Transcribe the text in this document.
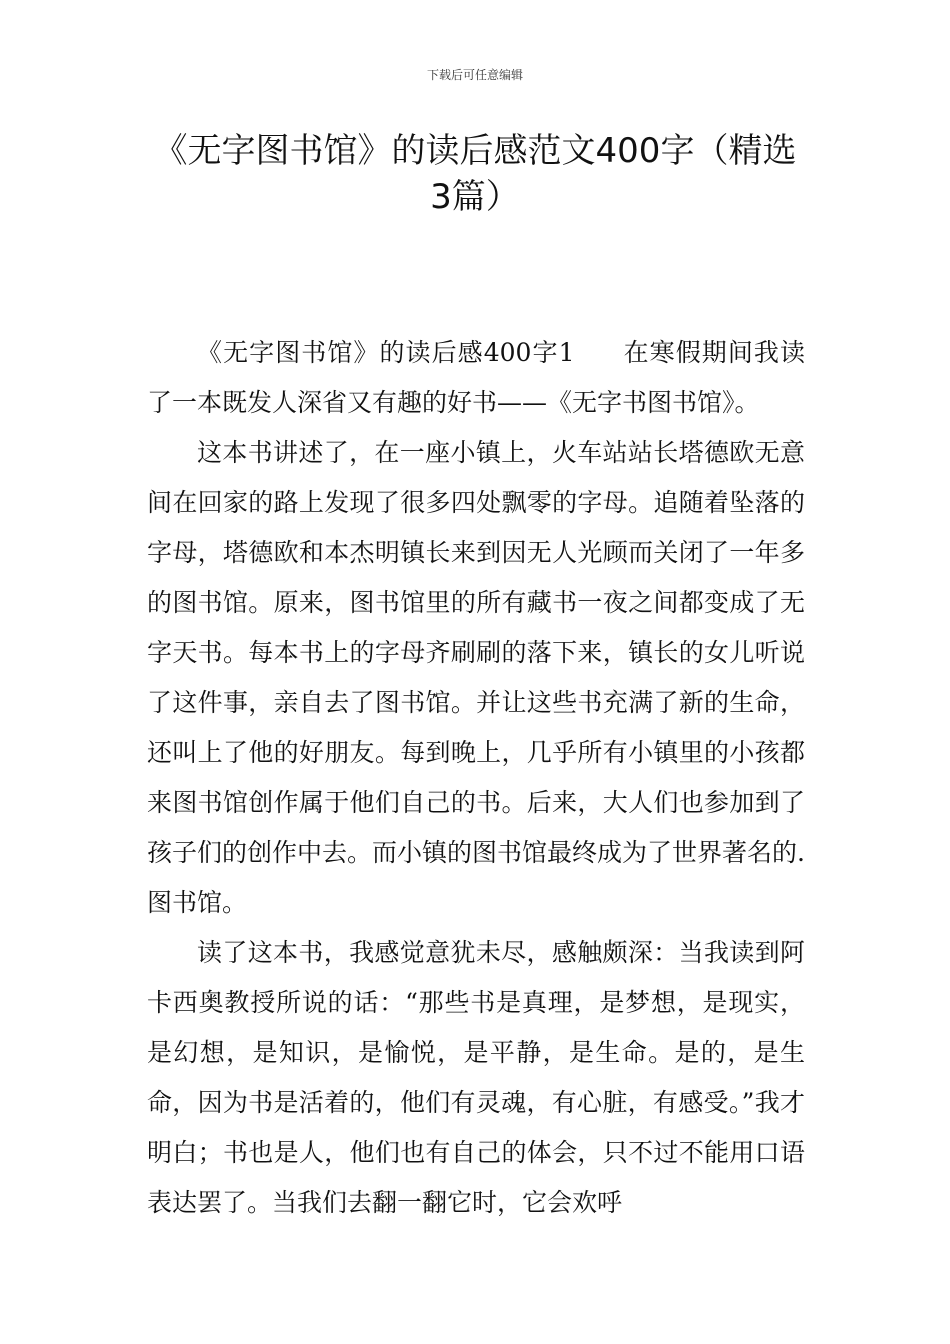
下载后可任意编辑
《无字图书馆》的读后感范文400字（精选3篇）

《无字图书馆》的读后感400字1 在寒假期间我读了一本既发人深省又有趣的好书——《无字书图书馆》。

这本书讲述了，在一座小镇上，火车站站长塔德欧无意间在回家的路上发现了很多四处飘零的字母。追随着坠落的字母，塔德欧和本杰明镇长来到因无人光顾而关闭了一年多的图书馆。原来，图书馆里的所有藏书一夜之间都变成了无字天书。每本书上的字母齐刷刷的落下来，镇长的女儿听说了这件事，亲自去了图书馆。并让这些书充满了新的生命，还叫上了他的好朋友。每到晚上，几乎所有小镇里的小孩都来图书馆创作属于他们自己的书。后来，大人们也参加到了孩子们的创作中去。而小镇的图书馆最终成为了世界著名的.图书馆。

读了这本书，我感觉意犹未尽，感触颇深：当我读到阿卡西奥教授所说的话：“那些书是真理，是梦想，是现实，是幻想，是知识，是愉悦，是平静，是生命。是的，是生命，因为书是活着的，他们有灵魂，有心脏，有感受。”我才明白；书也是人，他们也有自己的体会，只不过不能用口语表达罢了。当我们去翻一翻它时，它会欢呼
